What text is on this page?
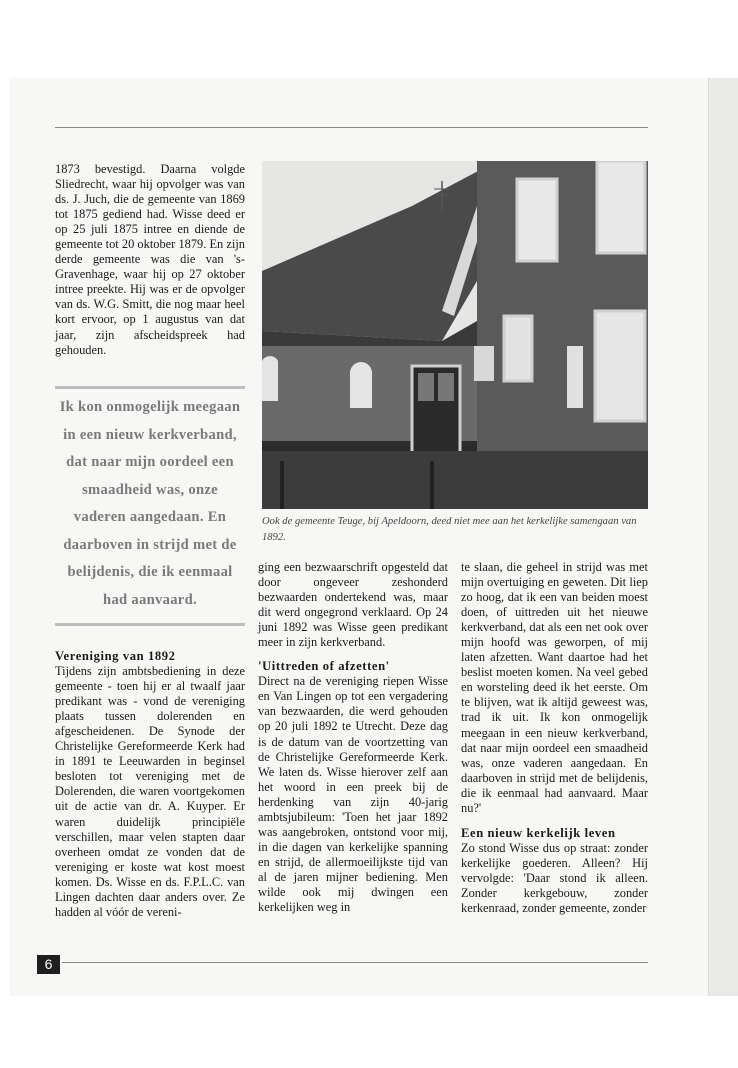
1873 bevestigd. Daarna volgde Sliedrecht, waar hij opvolger was van ds. J. Juch, die de gemeente van 1869 tot 1875 gediend had. Wisse deed er op 25 juli 1875 intree en diende de gemeente tot 20 oktober 1879. En zijn derde gemeente was die van 's-Gravenhage, waar hij op 27 oktober intree preekte. Hij was er de opvolger van ds. W.G. Smitt, die nog maar heel kort ervoor, op 1 augustus van dat jaar, zijn afscheidspreek had gehouden.

Ik kon onmogelijk meegaan in een nieuw kerkverband, dat naar mijn oordeel een smaadheid was, onze vaderen aangedaan. En daarboven in strijd met de belijdenis, die ik eenmaal had aanvaard.

Vereniging van 1892

Tijdens zijn ambtsbediening in deze gemeente - toen hij er al twaalf jaar predikant was - vond de vereniging plaats tussen dolerenden en afgescheidenen. De Synode der Christelijke Gereformeerde Kerk had in 1891 te Leeuwarden in beginsel besloten tot vereniging met de Dolerenden, die waren voortgekomen uit de actie van dr. A. Kuyper. Er waren duidelijk principiële verschillen, maar velen stapten daar overheen omdat ze vonden dat de vereniging er koste wat kost moest komen. Ds. Wisse en ds. F.P.L.C. van Lingen dachten daar anders over. Ze hadden al vóór de vereni-

Ook de gemeente Teuge, bij Apeldoorn, deed niet mee aan het kerkelijke samengaan van 1892.

ging een bezwaarschrift opgesteld dat door ongeveer zeshonderd bezwaarden ondertekend was, maar dit werd ongegrond verklaard. Op 24 juni 1892 was Wisse geen predikant meer in zijn kerkverband.

'Uittreden of afzetten'

Direct na de vereniging riepen Wisse en Van Lingen op tot een vergadering van bezwaarden, die werd gehouden op 20 juli 1892 te Utrecht. Deze dag is de datum van de voortzetting van de Christelijke Gereformeerde Kerk. We laten ds. Wisse hierover zelf aan het woord in een preek bij de herdenking van zijn 40-jarig ambtsjubileum: 'Toen het jaar 1892 was aangebroken, ontstond voor mij, in die dagen van kerkelijke spanning en strijd, de allermoeilijkste tijd van al de jaren mijner bediening. Men wilde ook mij dwingen een kerkelijken weg in

te slaan, die geheel in strijd was met mijn overtuiging en geweten. Dit liep zo hoog, dat ik een van beiden moest doen, of uittreden uit het nieuwe kerkverband, dat als een net ook over mijn hoofd was geworpen, of mij laten afzetten. Want daartoe had het beslist moeten komen. Na veel gebed en worsteling deed ik het eerste. Om te blijven, wat ik altijd geweest was, trad ik uit. Ik kon onmogelijk meegaan in een nieuw kerkverband, dat naar mijn oordeel een smaadheid was, onze vaderen aangedaan. En daarboven in strijd met de belijdenis, die ik eenmaal had aanvaard. Maar nu?'

Een nieuw kerkelijk leven

Zo stond Wisse dus op straat: zonder kerkelijke goederen. Alleen? Hij vervolgde: 'Daar stond ik alleen. Zonder kerkgebouw, zonder kerkenraad, zonder gemeente, zonder

6
